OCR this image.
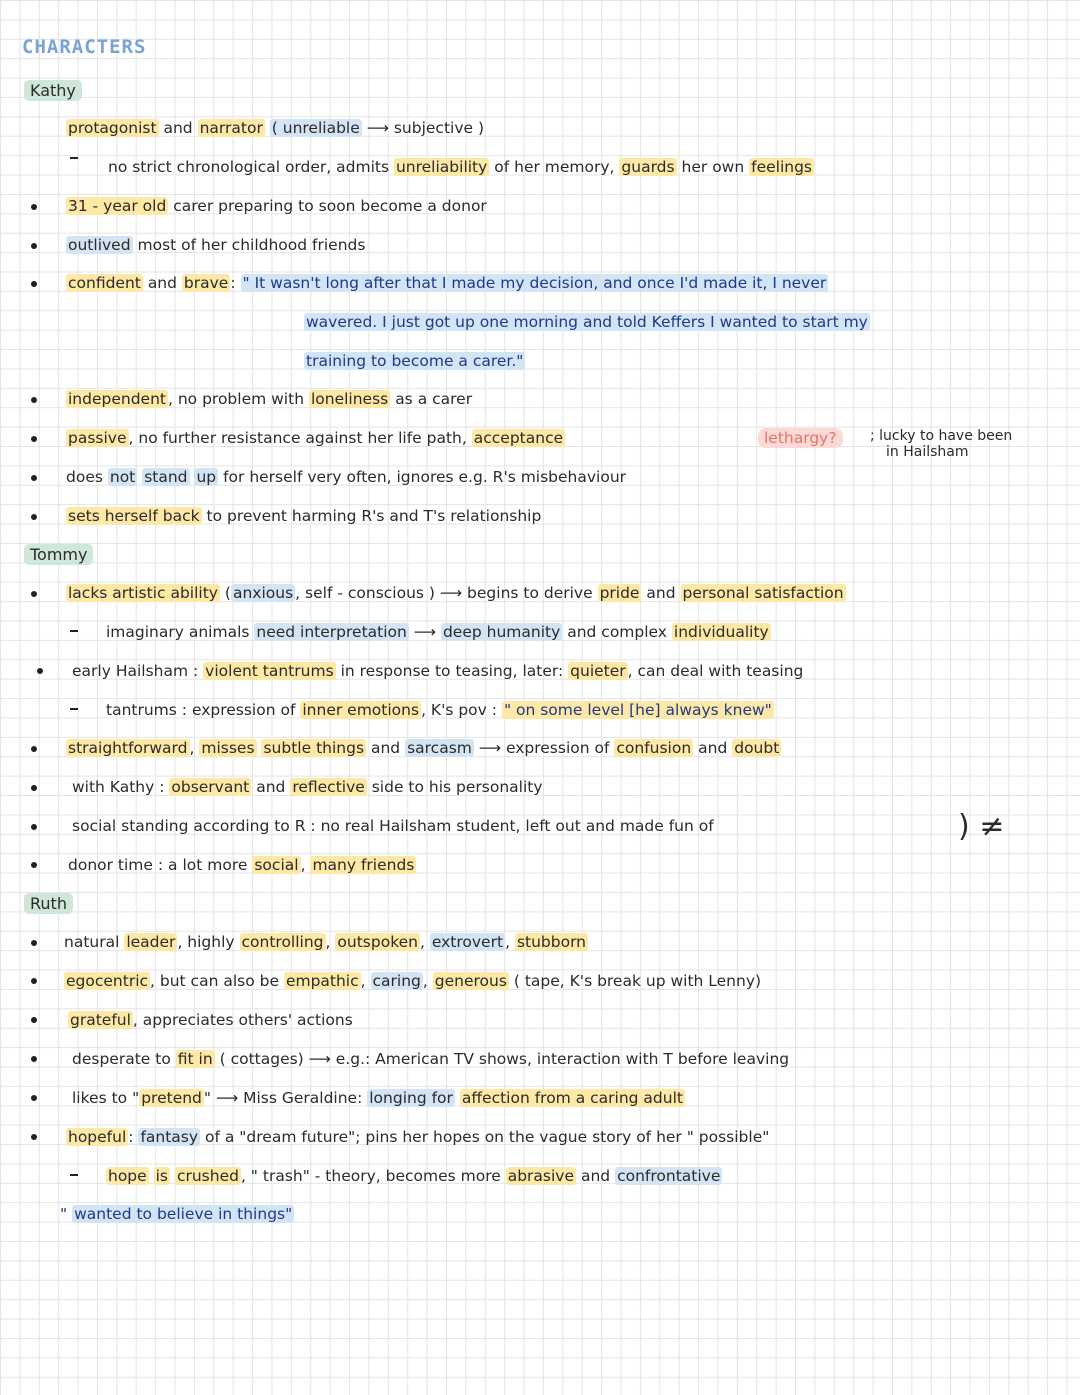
CHARACTERS
Kathy
protagonist and narrator ( unreliable ⟶ subjective )
no strict chronological order, admits unreliability of her memory, guards her own feelings
31 - year old carer preparing to soon become a donor
outlived most of her childhood friends
confident and brave : " It wasn't long after that I made my decision, and once I'd made it, I never
wavered. I just got up one morning and told Keffers I wanted to start my
training to become a carer."
independent , no problem with loneliness as a carer
passive , no further resistance against her life path, acceptance	lethargy?	; lucky to have been
in Hailsham
does not stand up for herself very often, ignores e.g. R's misbehaviour
sets herself back to prevent harming R's and T's relationship
Tommy
lacks artistic ability ( anxious , self - conscious ) ⟶ begins to derive pride and personal satisfaction
imaginary animals need interpretation ⟶ deep humanity and complex individuality
early Hailsham : violent tantrums in response to teasing, later: quieter , can deal with teasing
tantrums : expression of inner emotions , K's pov : " on some level [he] always knew"
straightforward , misses subtle things and sarcasm ⟶ expression of confusion and doubt
with Kathy : observant and reflective side to his personality
social standing according to R : no real Hailsham student, left out and made fun of	) ≠
donor time : a lot more social , many friends
Ruth
natural leader , highly controlling , outspoken , extrovert , stubborn
egocentric , but can also be empathic , caring , generous ( tape, K's break up with Lenny)
grateful , appreciates others' actions
desperate to fit in ( cottages) ⟶ e.g.: American TV shows, interaction with T before leaving
likes to " pretend " ⟶ Miss Geraldine: longing for affection from a caring adult
hopeful : fantasy of a "dream future"; pins her hopes on the vague story of her " possible"
hope is crushed , " trash" - theory, becomes more abrasive and confrontative
" wanted to believe in things"
